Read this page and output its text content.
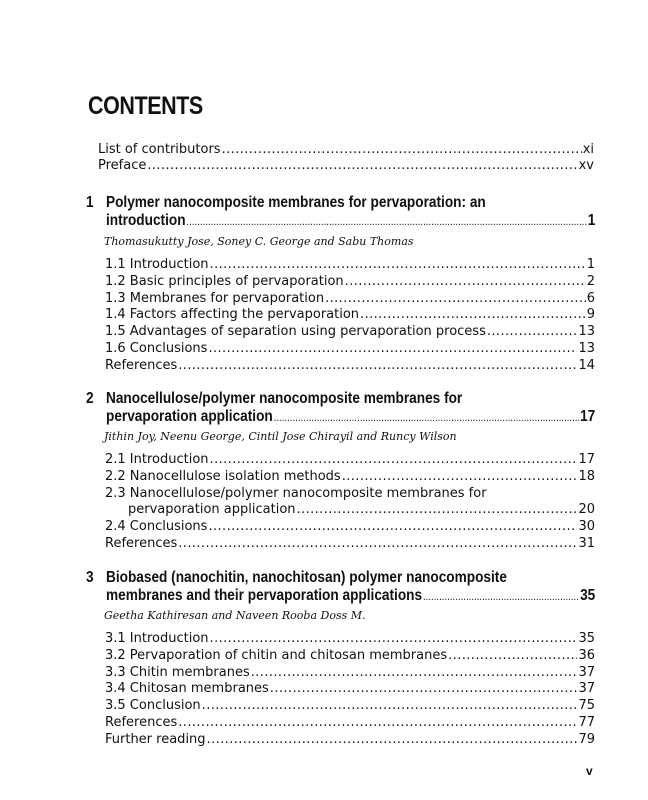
CONTENTS
List of contributors .....	xi
Preface .....	xv
1 Polymer nanocomposite membranes for pervaporation: an
introduction .....	1
Thomasukutty Jose, Soney C. George and Sabu Thomas
1.1 Introduction .....	1
1.2 Basic principles of pervaporation .....	2
1.3 Membranes for pervaporation .....	6
1.4 Factors affecting the pervaporation .....	9
1.5 Advantages of separation using pervaporation process .....	13
1.6 Conclusions .....	13
References .....	14
2 Nanocellulose/polymer nanocomposite membranes for
pervaporation application .....	17
Jithin Joy, Neenu George, Cintil Jose Chirayil and Runcy Wilson
2.1 Introduction .....	17
2.2 Nanocellulose isolation methods .....	18
2.3 Nanocellulose/polymer nanocomposite membranes for
pervaporation application .....	20
2.4 Conclusions .....	30
References .....	31
3 Biobased (nanochitin, nanochitosan) polymer nanocomposite
membranes and their pervaporation applications .....	35
Geetha Kathiresan and Naveen Rooba Doss M.
3.1 Introduction .....	35
3.2 Pervaporation of chitin and chitosan membranes .....	36
3.3 Chitin membranes .....	37
3.4 Chitosan membranes .....	37
3.5 Conclusion .....	75
References .....	77
Further reading .....	79
v
